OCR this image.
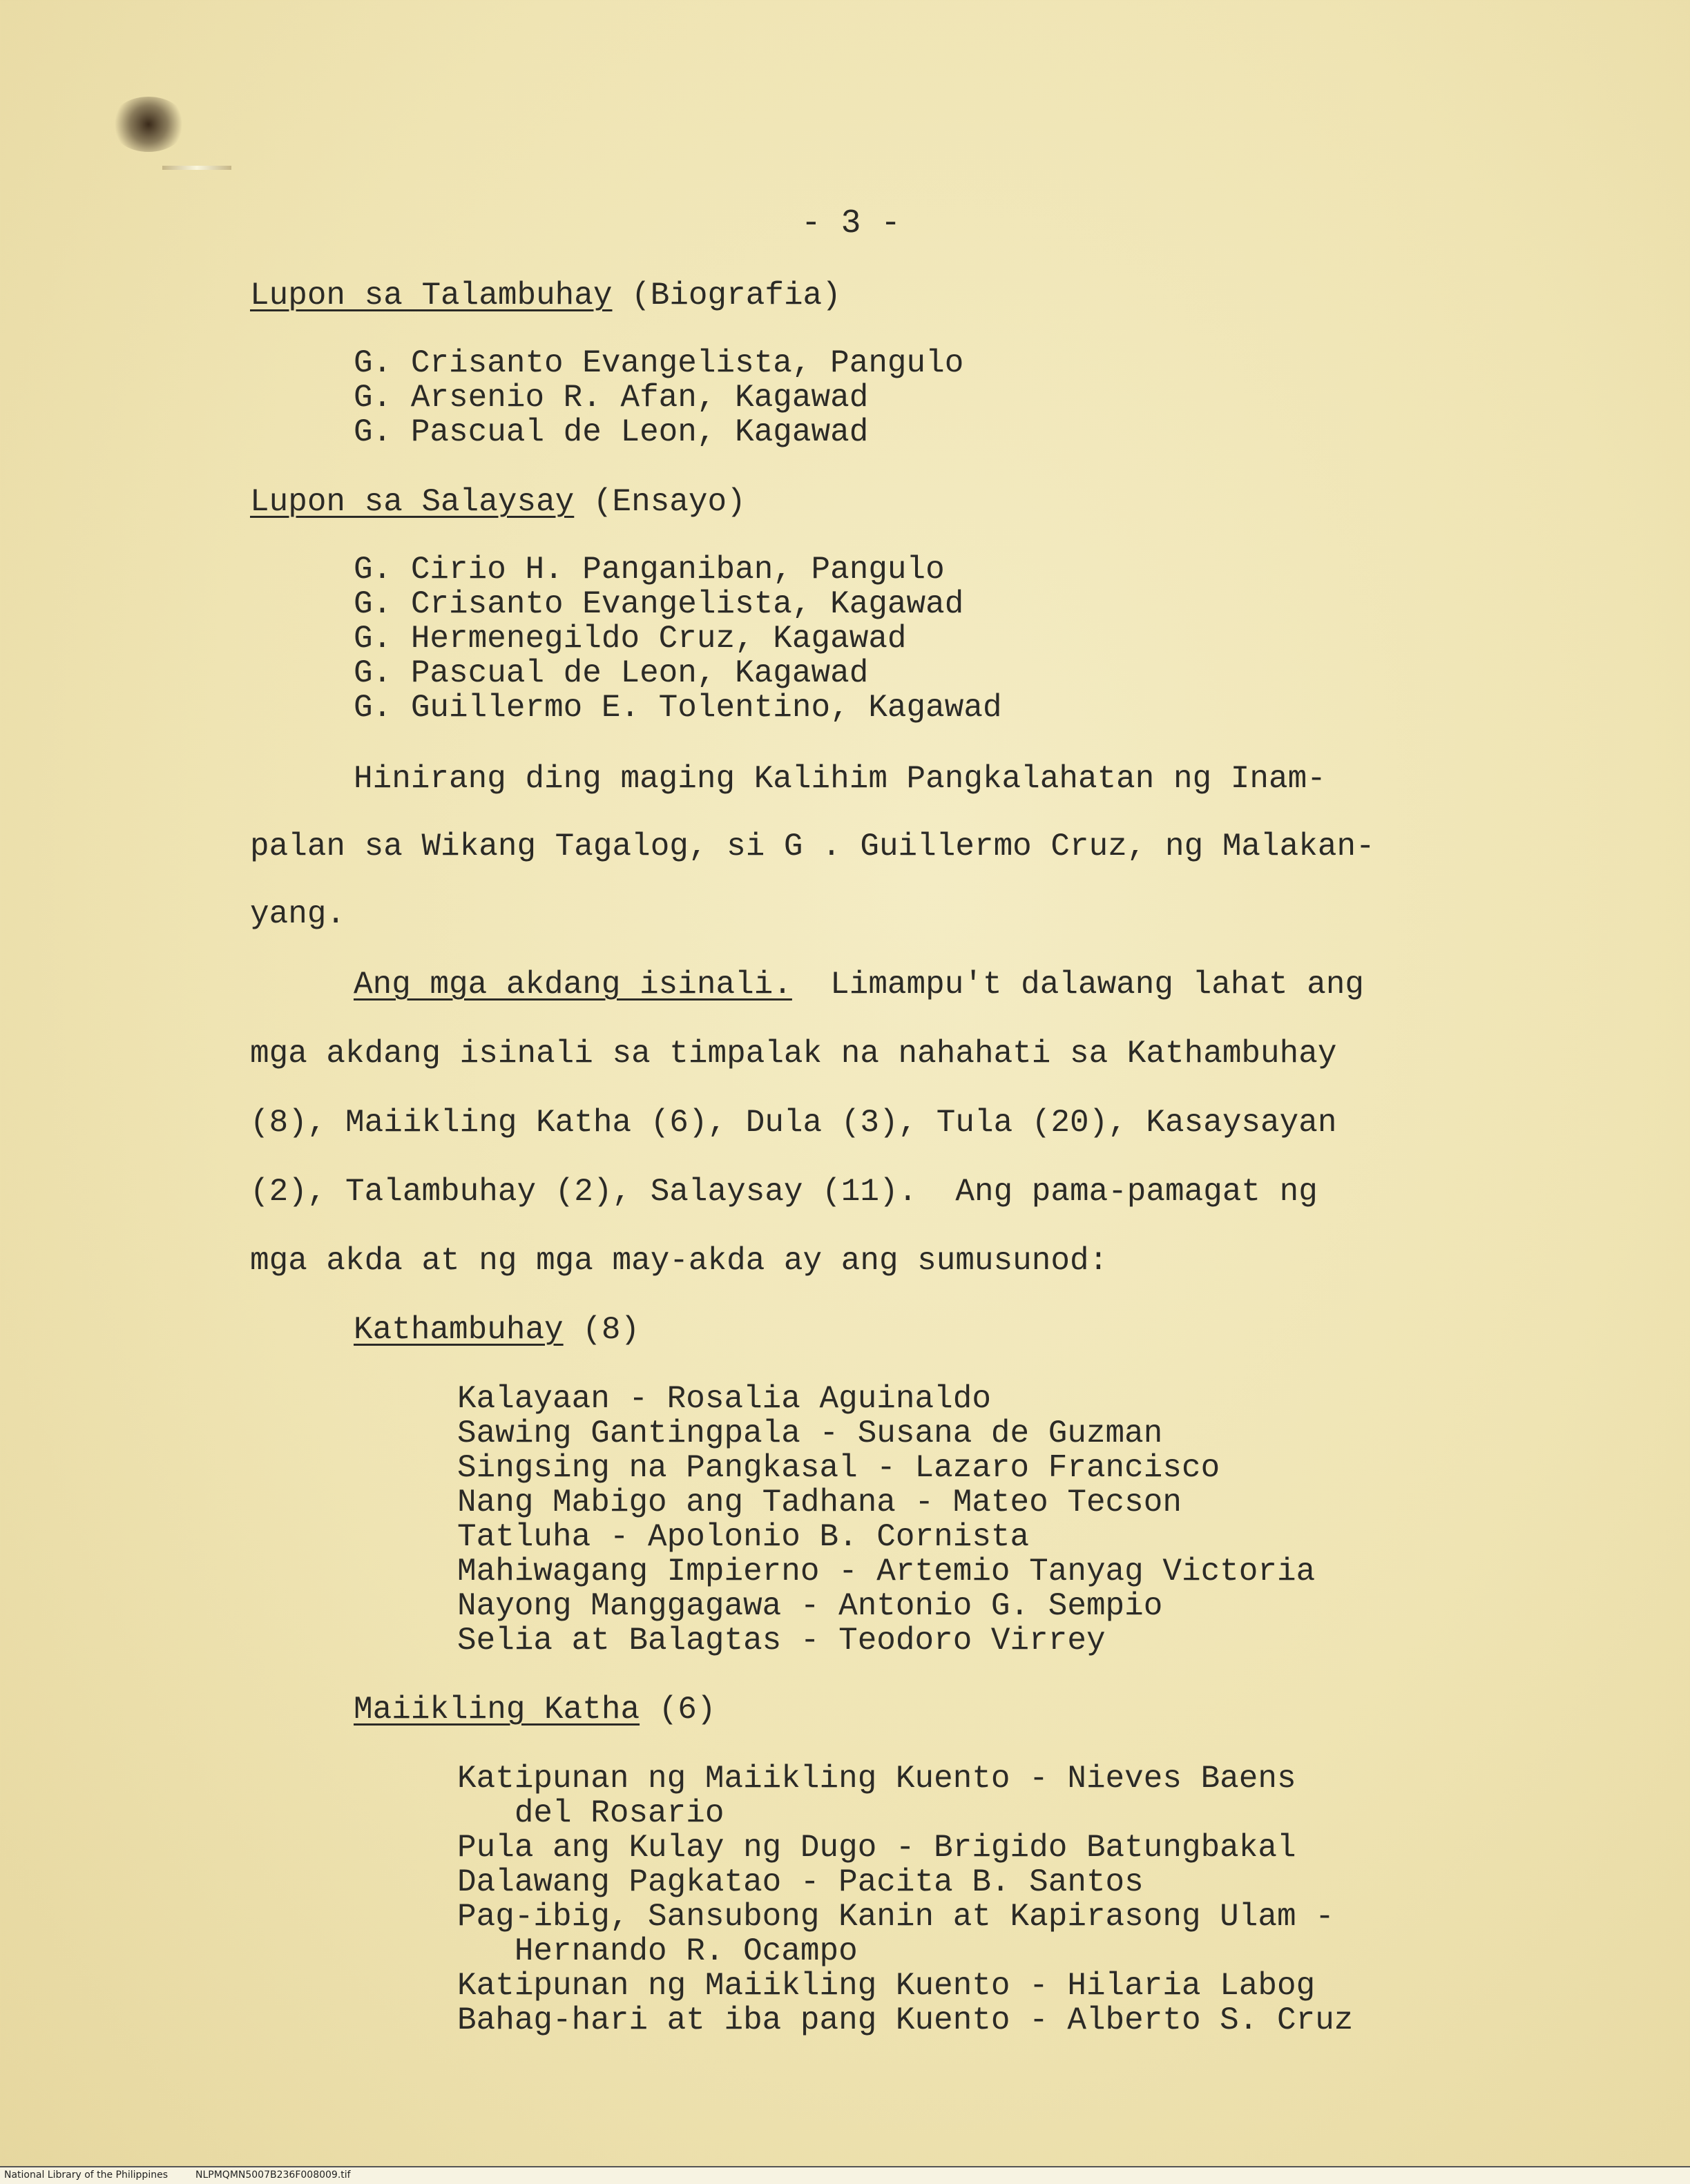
- 3 -
Lupon sa Talambuhay (Biografia)
G. Crisanto Evangelista, Pangulo
G. Arsenio R. Afan, Kagawad
G. Pascual de Leon, Kagawad
Lupon sa Salaysay (Ensayo)
G. Cirio H. Panganiban, Pangulo
G. Crisanto Evangelista, Kagawad
G. Hermenegildo Cruz, Kagawad
G. Pascual de Leon, Kagawad
G. Guillermo E. Tolentino, Kagawad
Hinirang ding maging Kalihim Pangkalahatan ng Inam-
palan sa Wikang Tagalog, si G . Guillermo Cruz, ng Malakan-
yang.
Ang mga akdang isinali.  Limampu't dalawang lahat ang
mga akdang isinali sa timpalak na nahahati sa Kathambuhay
(8), Maiikling Katha (6), Dula (3), Tula (20), Kasaysayan
(2), Talambuhay (2), Salaysay (11).  Ang pama-pamagat ng
mga akda at ng mga may-akda ay ang sumusunod:
Kathambuhay (8)
Kalayaan - Rosalia Aguinaldo
Sawing Gantingpala - Susana de Guzman
Singsing na Pangkasal - Lazaro Francisco
Nang Mabigo ang Tadhana - Mateo Tecson
Tatluha - Apolonio B. Cornista
Mahiwagang Impierno - Artemio Tanyag Victoria
Nayong Manggagawa - Antonio G. Sempio
Selia at Balagtas - Teodoro Virrey
Maiikling Katha (6)
Katipunan ng Maiikling Kuento - Nieves Baens
del Rosario
Pula ang Kulay ng Dugo - Brigido Batungbakal
Dalawang Pagkatao - Pacita B. Santos
Pag-ibig, Sansubong Kanin at Kapirasong Ulam -
Hernando R. Ocampo
Katipunan ng Maiikling Kuento - Hilaria Labog
Bahag-hari at iba pang Kuento - Alberto S. Cruz
National Library of the Philippines	NLPMQMN5007B236F008009.tif
